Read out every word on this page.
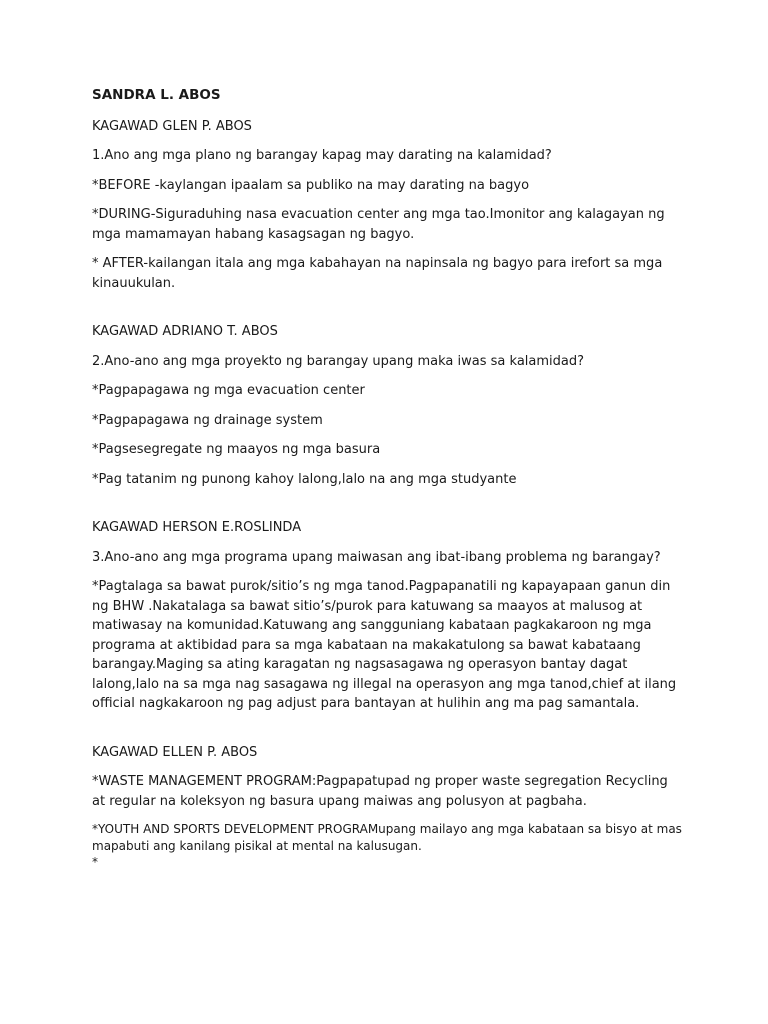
SANDRA L. ABOS
KAGAWAD GLEN P. ABOS
1.Ano ang mga plano ng barangay kapag may darating na kalamidad?
*BEFORE -kaylangan ipaalam sa publiko na may darating na bagyo
*DURING-Siguraduhing nasa evacuation center ang mga tao.Imonitor ang kalagayan ng mga mamamayan habang kasagsagan ng bagyo.
* AFTER-kailangan itala ang mga kabahayan na napinsala ng bagyo para irefort sa mga kinauukulan.
KAGAWAD ADRIANO T. ABOS
2.Ano-ano ang mga proyekto ng barangay upang maka iwas sa kalamidad?
*Pagpapagawa ng mga evacuation center
*Pagpapagawa ng drainage system
*Pagsesegregate ng maayos ng mga basura
*Pag tatanim ng punong kahoy lalong,lalo na ang mga studyante
KAGAWAD HERSON E.ROSLINDA
3.Ano-ano ang mga programa upang maiwasan ang ibat-ibang problema ng barangay?
*Pagtalaga sa bawat purok/sitio’s ng mga tanod.Pagpapanatili ng kapayapaan ganun din ng BHW .Nakatalaga sa bawat sitio’s/purok para katuwang sa maayos at malusog at matiwasay na komunidad.Katuwang ang sangguniang kabataan pagkakaroon ng mga programa at aktibidad para sa mga kabataan na makakatulong sa bawat kabataang barangay.Maging sa ating karagatan ng nagsasagawa ng operasyon bantay dagat lalong,lalo na sa mga nag sasagawa ng illegal na operasyon ang mga tanod,chief at ilang official nagkakaroon ng pag adjust para bantayan at hulihin ang ma pag samantala.
KAGAWAD ELLEN P. ABOS
*WASTE MANAGEMENT PROGRAM:Pagpapatupad ng proper waste segregation Recycling at regular na koleksyon ng basura upang maiwas ang polusyon at pagbaha.
*YOUTH AND SPORTS DEVELOPMENT PROGRAMupang mailayo ang mga kabataan sa bisyo at mas mapabuti ang kanilang pisikal at mental na kalusugan.
*
